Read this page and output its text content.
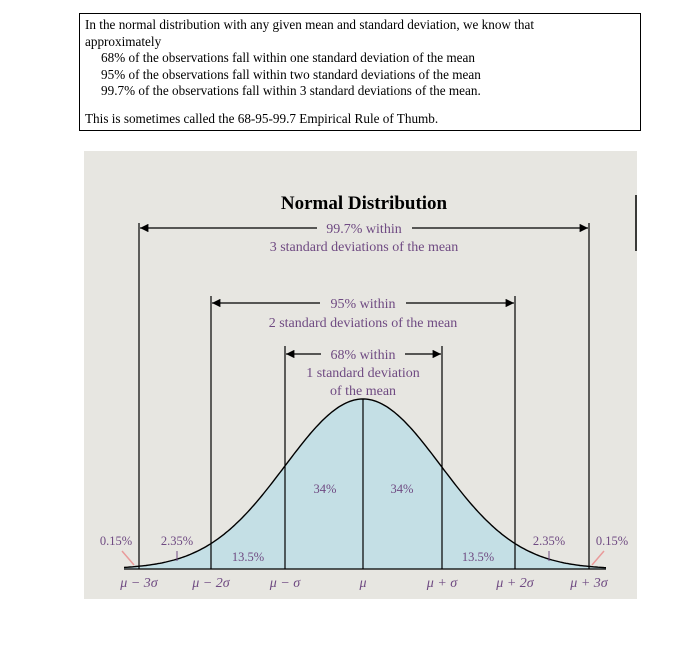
In the normal distribution with any given mean and standard deviation, we know that
approximately
68% of the observations fall within one standard deviation of the mean
95% of the observations fall within two standard deviations of the mean
99.7% of the observations fall within 3 standard deviations of the mean.
This is sometimes called the 68-95-99.7 Empirical Rule of Thumb.
Normal Distribution
99.7% within
3 standard deviations of the mean
95% within
2 standard deviations of the mean
68% within
1 standard deviation
of the mean
34%	34%
13.5%	13.5%
2.35%	2.35%
0.15%	0.15%
μ − 3σ μ − 2σ	μ − σ	μ	μ + σ	μ + 2σ	μ + 3σ
